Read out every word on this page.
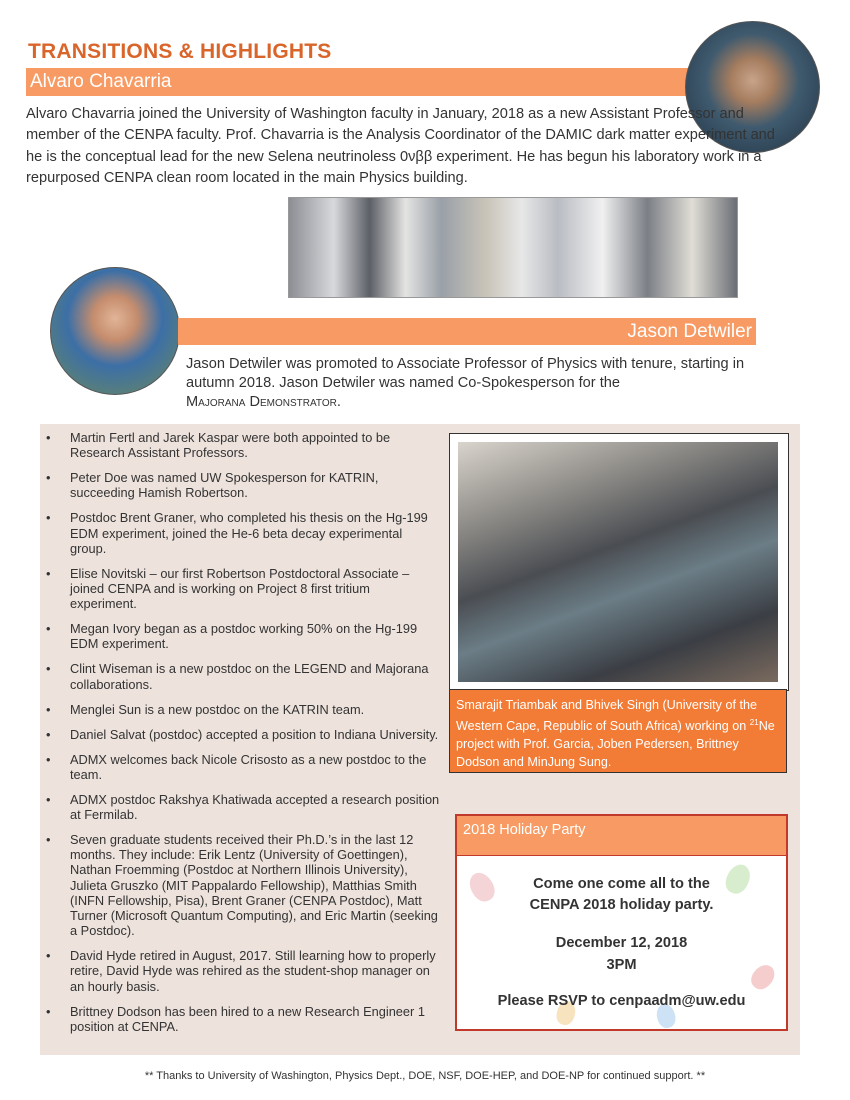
TRANSITIONS & HIGHLIGHTS
Alvaro Chavarria
Alvaro Chavarria joined the University of Washington faculty in January, 2018 as a new Assistant Professor and member of the CENPA faculty. Prof. Chavarria is the Analysis Coordinator of the DAMIC dark matter experiment and he is the conceptual lead for the new Selena neutrinoless 0νββ experiment. He has begun his laboratory work in a repurposed CENPA clean room located in the main Physics building.
Jason Detwiler
Jason Detwiler was promoted to Associate Professor of Physics with tenure, starting in autumn 2018. Jason Detwiler was named Co-Spokesperson for the
Majorana Demonstrator.
• Martin Fertl and Jarek Kaspar were both appointed to be Research Assistant Professors.
• Peter Doe was named UW Spokesperson for KATRIN, succeeding Hamish Robertson.
• Postdoc Brent Graner, who completed his thesis on the Hg-199 EDM experiment, joined the He-6 beta decay experimental group.
• Elise Novitski – our first Robertson Postdoctoral Associate – joined CENPA and is working on Project 8 first tritium experiment.
• Megan Ivory began as a postdoc working 50% on the Hg-199 EDM experiment.
• Clint Wiseman is a new postdoc on the LEGEND and Majorana collaborations.
• Menglei Sun is a new postdoc on the KATRIN team.
• Daniel Salvat (postdoc) accepted a position to Indiana University.
• ADMX welcomes back Nicole Crisosto as a new postdoc to the team.
• ADMX postdoc Rakshya Khatiwada accepted a research position at Fermilab.
• Seven graduate students received their Ph.D.’s in the last 12 months. They include: Erik Lentz (University of Goettingen), Nathan Froemming (Postdoc at Northern Illinois University), Julieta Gruszko (MIT Pappalardo Fellowship), Matthias Smith (INFN Fellowship, Pisa), Brent Graner (CENPA Postdoc), Matt Turner (Microsoft Quantum Computing), and Eric Martin (seeking a Postdoc).
• David Hyde retired in August, 2017. Still learning how to properly retire, David Hyde was rehired as the student-shop manager on an hourly basis.
• Brittney Dodson has been hired to a new Research Engineer 1 position at CENPA.
Smarajit Triambak and Bhivek Singh (University of the Western Cape, Republic of South Africa) working on $^{21}$Ne project with Prof. Garcia, Joben Pedersen, Brittney Dodson and MinJung Sung.
2018 Holiday Party
Come one come all to the CENPA 2018 holiday party.
December 12, 2018
3PM
Please RSVP to cenpaadm@uw.edu
** Thanks to University of Washington, Physics Dept., DOE, NSF, DOE-HEP, and DOE-NP for continued support. **
